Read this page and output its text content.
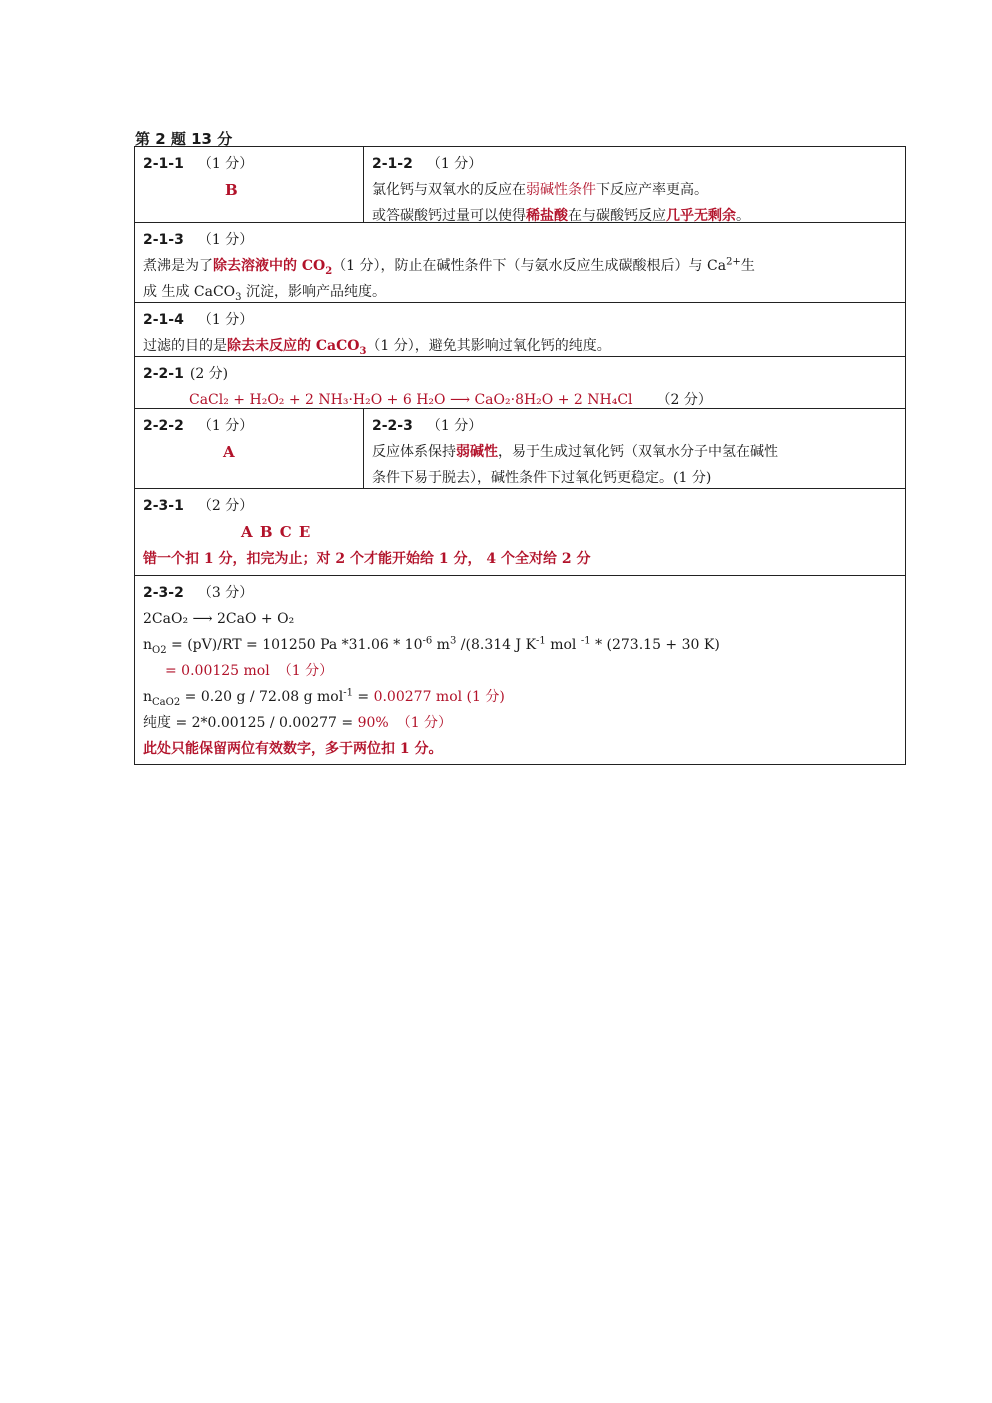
第 2 题 13 分
2-1-1 （1 分）
B
2-1-2 （1 分）
氯化钙与双氧水的反应在弱碱性条件下反应产率更高。
或答碳酸钙过量可以使得稀盐酸在与碳酸钙反应几乎无剩余。
2-1-3 （1 分）
煮沸是为了除去溶液中的 $CO_2(1$ 分），防止在碱性条件下（与氨水反应生成碳酸根后）与 $Ca^{2+}$生
成 生成 CaCO$_3$ 沉淀，影响产品纯度。
2-1-4 （1 分）
过滤的目的是除去未反应的 CaCO$_3$（1 分），避免其影响过氧化钙的纯度。
2-2-1 (2 分)
CaCl₂ + H₂O₂ + 2 NH₃·H₂O + 6 H₂O ⟶ CaO₂·8H₂O + 2 NH₄Cl （2 分）
2-2-2 （1 分）
A
2-2-3 （1 分）
反应体系保持弱碱性，易于生成过氧化钙（双氧水分子中氢在碱性
条件下易于脱去），碱性条件下过氧化钙更稳定。(1 分)
2-3-1 （2 分）
A B C E
错一个扣 1 分，扣完为止；对 2 个才能开始给 1 分， 4 个全对给 2 分
2-3-2 （3 分）
2CaO₂ ⟶ 2CaO + O₂
$n_{O2} = (pV)/RT = 101250$ Pa $*31.06 * 10^{-6}$ $m^3$ /(8.314 J $K^{-1}$ mol $^{-1}$ * (273.15 + 30 K)
= 0.00125 mol （1 分）
$n_{CaO2} = 0.20$ g / 72.08 g mol$^{-1}$ = 0.00277 mol (1 分)
纯度 = 2*0.00125 / 0.00277 = 90% （1 分）
此处只能保留两位有效数字，多于两位扣 1 分。
